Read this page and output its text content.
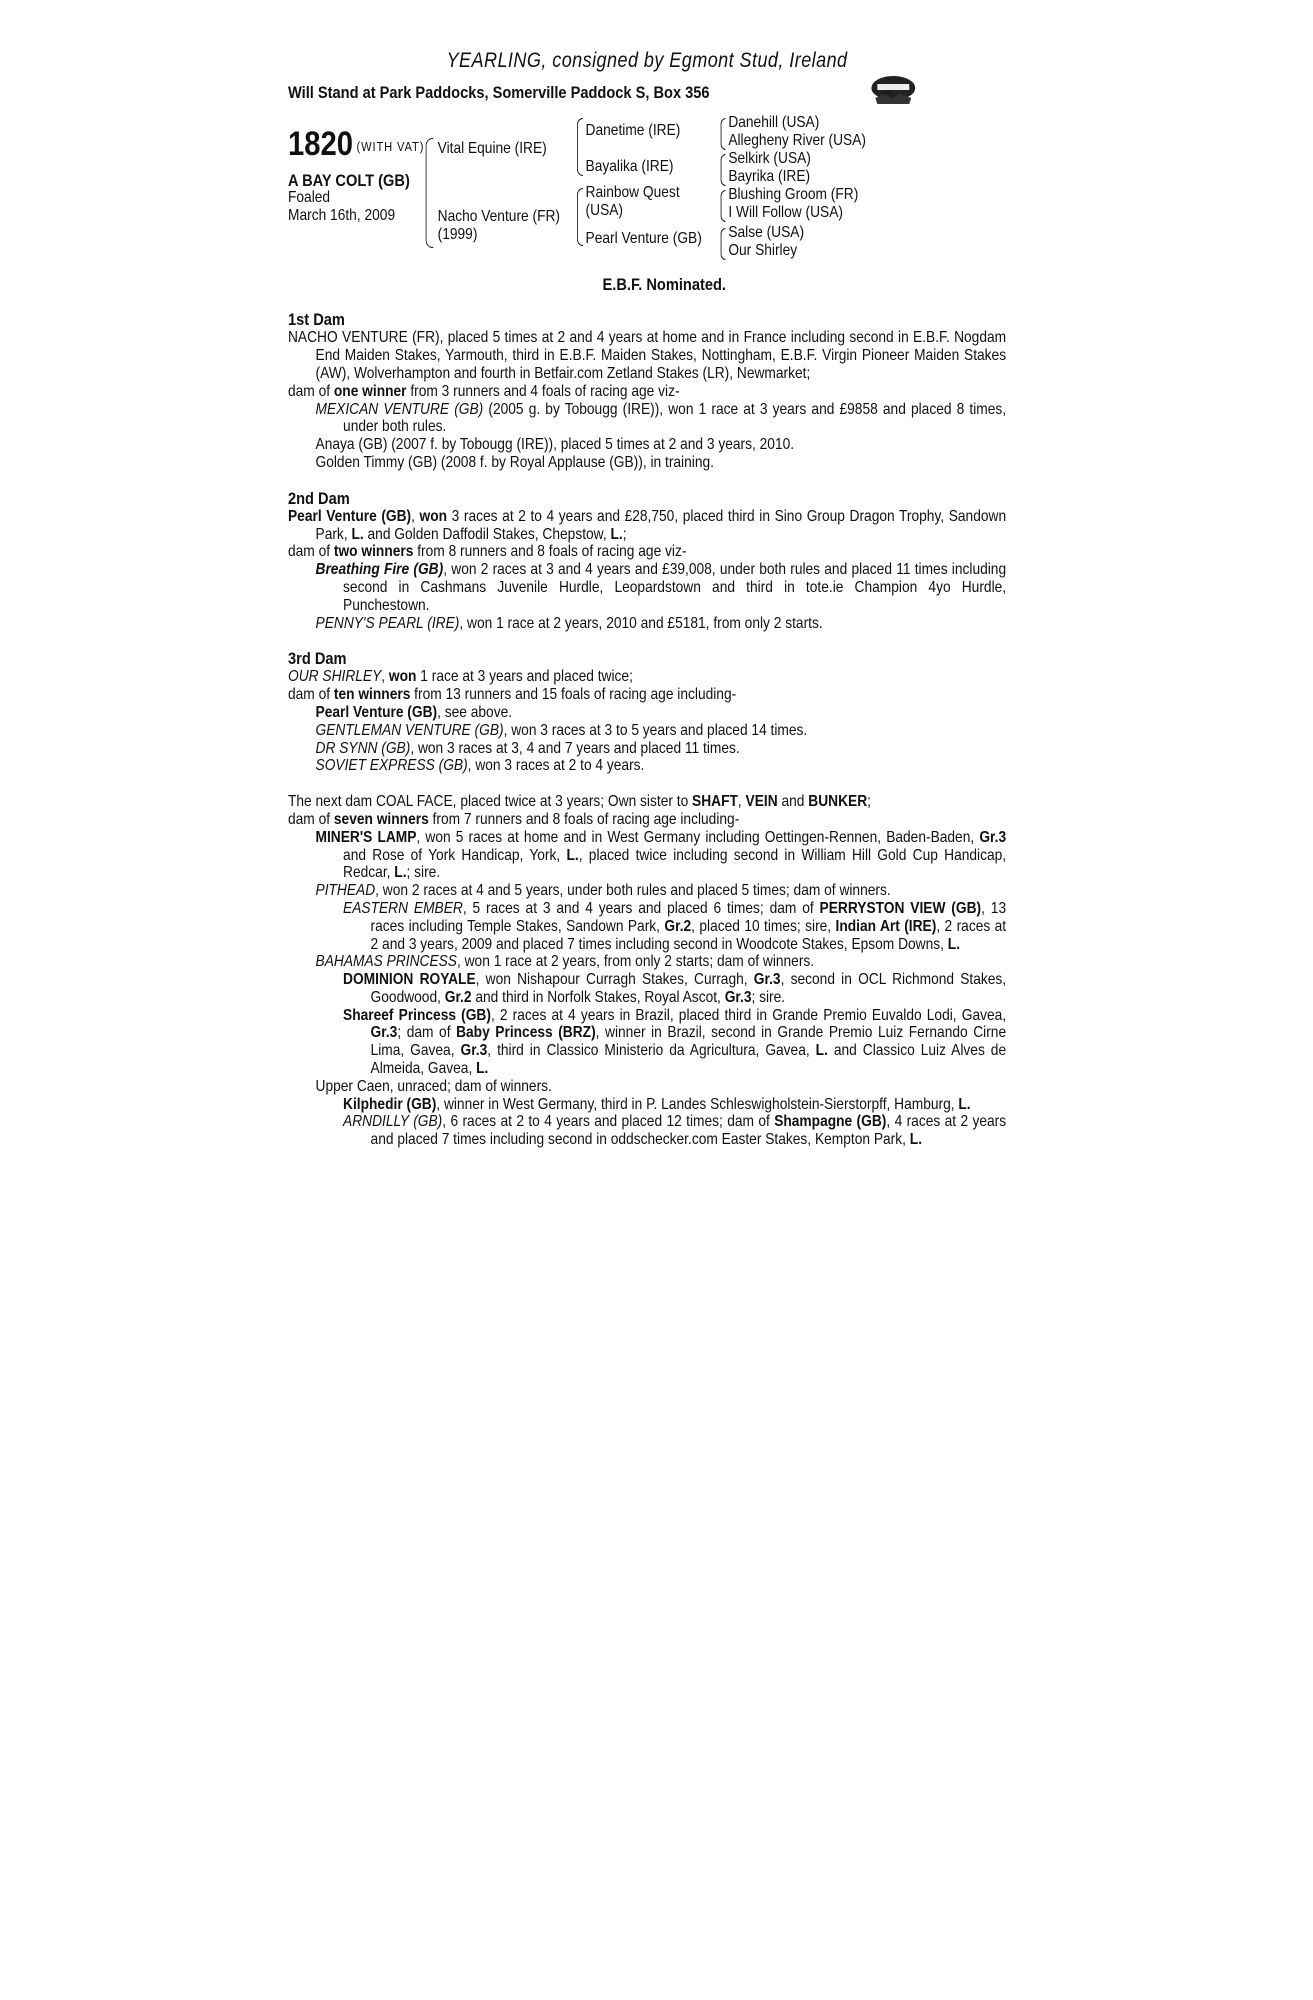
YEARLING, consigned by Egmont Stud, Ireland
Will Stand at Park Paddocks, Somerville Paddock S, Box 356
1820 $^{(WITH VAT)}$
A BAY COLT (GB)
Foaled
March 16th, 2009
Vital Equine (IRE)
Nacho Venture (FR)
(1999)
Danetime (IRE)
Bayalika (IRE)
Rainbow Quest
(USA)
Pearl Venture (GB)
Danehill (USA)
Allegheny River (USA)
Selkirk (USA)
Bayrika (IRE)
Blushing Groom (FR)
I Will Follow (USA)
Salse (USA)
Our Shirley
E.B.F. Nominated.
1st Dam

NACHO VENTURE (FR), placed 5 times at 2 and 4 years at home and in France including second in E.B.F. Nogdam End Maiden Stakes, Yarmouth, third in E.B.F. Maiden Stakes, Nottingham, E.B.F. Virgin Pioneer Maiden Stakes (AW), Wolverhampton and fourth in Betfair.com Zetland Stakes (LR), Newmarket;

dam of one winner from 3 runners and 4 foals of racing age viz-

MEXICAN VENTURE (GB) (2005 g. by Tobougg (IRE)), won 1 race at 3 years and £9858 and placed 8 times, under both rules.

Anaya (GB) (2007 f. by Tobougg (IRE)), placed 5 times at 2 and 3 years, 2010.

Golden Timmy (GB) (2008 f. by Royal Applause (GB)), in training.

2nd Dam

Pearl Venture (GB), won 3 races at 2 to 4 years and £28,750, placed third in Sino Group Dragon Trophy, Sandown Park, L. and Golden Daffodil Stakes, Chepstow, L.;

dam of two winners from 8 runners and 8 foals of racing age viz-

Breathing Fire (GB), won 2 races at 3 and 4 years and £39,008, under both rules and placed 11 times including second in Cashmans Juvenile Hurdle, Leopardstown and third in tote.ie Champion 4yo Hurdle, Punchestown.

PENNY'S PEARL (IRE), won 1 race at 2 years, 2010 and £5181, from only 2 starts.

3rd Dam

OUR SHIRLEY, won 1 race at 3 years and placed twice;

dam of ten winners from 13 runners and 15 foals of racing age including-

Pearl Venture (GB), see above.

GENTLEMAN VENTURE (GB), won 3 races at 3 to 5 years and placed 14 times.

DR SYNN (GB), won 3 races at 3, 4 and 7 years and placed 11 times.

SOVIET EXPRESS (GB), won 3 races at 2 to 4 years.

The next dam COAL FACE, placed twice at 3 years; Own sister to SHAFT, VEIN and BUNKER;

dam of seven winners from 7 runners and 8 foals of racing age including-

MINER'S LAMP, won 5 races at home and in West Germany including Oettingen-Rennen, Baden-Baden, Gr.3 and Rose of York Handicap, York, L., placed twice including second in William Hill Gold Cup Handicap, Redcar, L.; sire.

PITHEAD, won 2 races at 4 and 5 years, under both rules and placed 5 times; dam of winners.

EASTERN EMBER, 5 races at 3 and 4 years and placed 6 times; dam of PERRYSTON VIEW (GB), 13 races including Temple Stakes, Sandown Park, Gr.2, placed 10 times; sire, Indian Art (IRE), 2 races at 2 and 3 years, 2009 and placed 7 times including second in Woodcote Stakes, Epsom Downs, L.

BAHAMAS PRINCESS, won 1 race at 2 years, from only 2 starts; dam of winners.

DOMINION ROYALE, won Nishapour Curragh Stakes, Curragh, Gr.3, second in OCL Richmond Stakes, Goodwood, Gr.2 and third in Norfolk Stakes, Royal Ascot, Gr.3; sire.

Shareef Princess (GB), 2 races at 4 years in Brazil, placed third in Grande Premio Euvaldo Lodi, Gavea, Gr.3; dam of Baby Princess (BRZ), winner in Brazil, second in Grande Premio Luiz Fernando Cirne Lima, Gavea, Gr.3, third in Classico Ministerio da Agricultura, Gavea, L. and Classico Luiz Alves de Almeida, Gavea, L.

Upper Caen, unraced; dam of winners.

Kilphedir (GB), winner in West Germany, third in P. Landes Schleswigholstein-Sierstorpff, Hamburg, L.

ARNDILLY (GB), 6 races at 2 to 4 years and placed 12 times; dam of Shampagne (GB), 4 races at 2 years and placed 7 times including second in oddschecker.com Easter Stakes, Kempton Park, L.
